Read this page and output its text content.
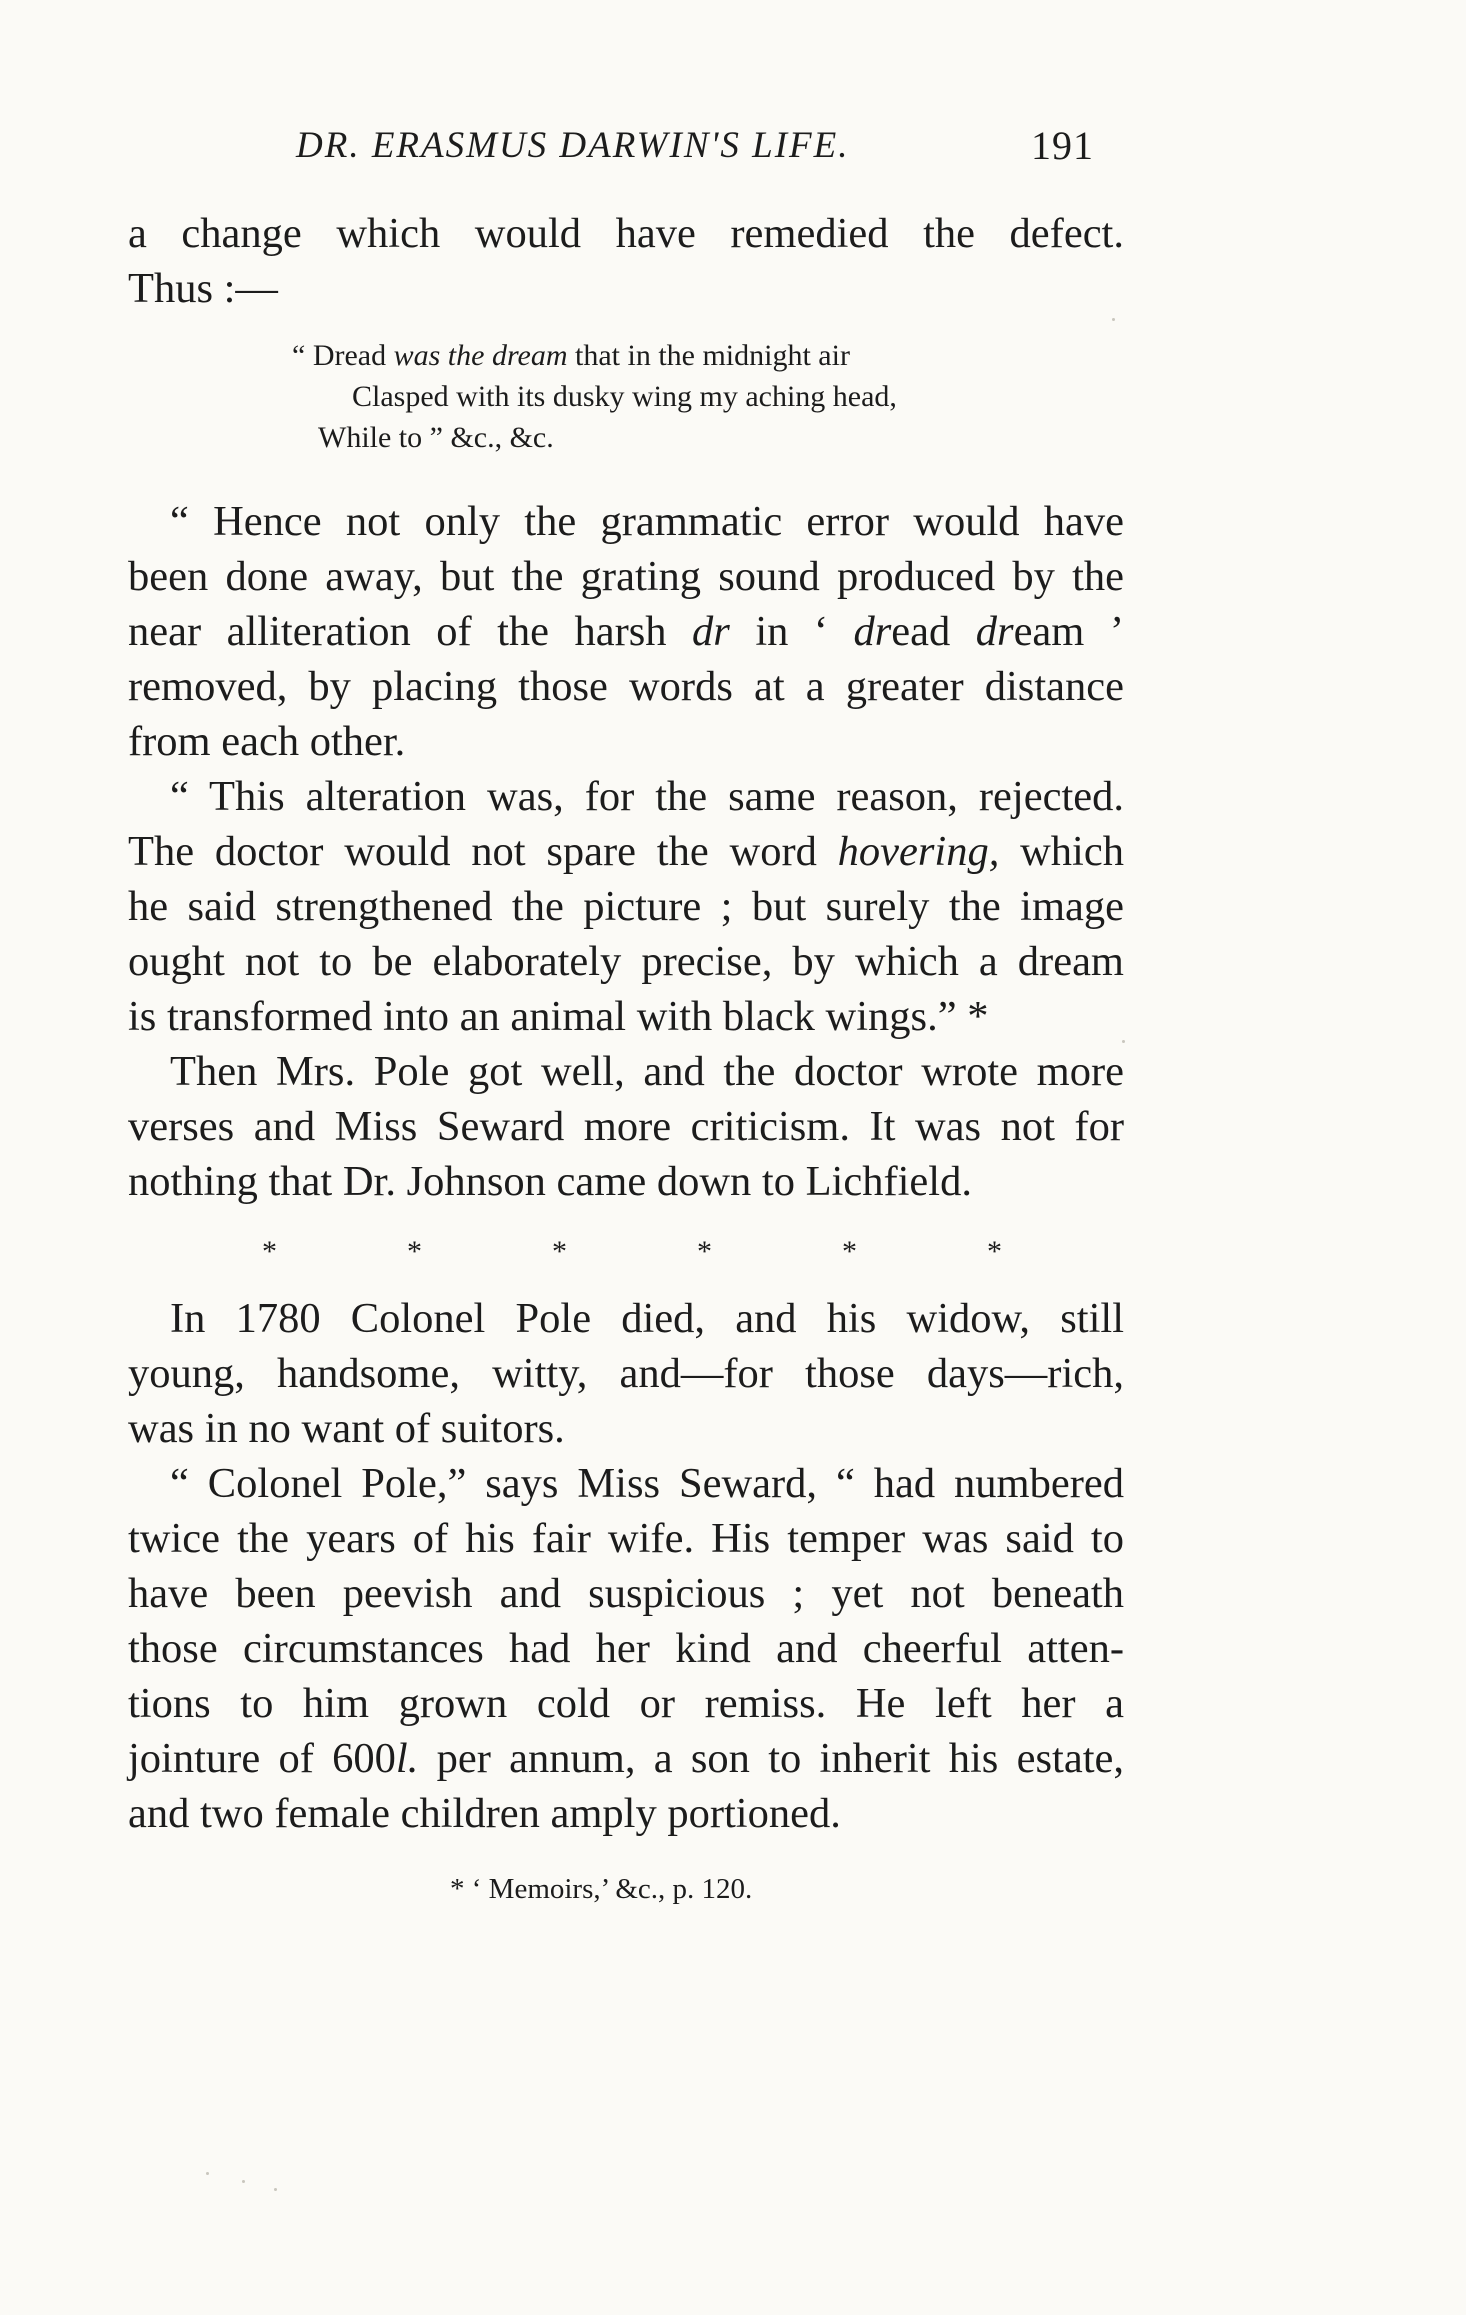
DR. ERASMUS DARWIN'S LIFE.	191
a change which would have remedied the defect.
Thus :—
“ Dread was the dream that in the midnight air
Clasped with its dusky wing my aching head,
While to ” &c., &c.
“ Hence not only the grammatic error would have
been done away, but the grating sound produced by the
near alliteration of the harsh dr in ‘ dread dream ’
removed, by placing those words at a greater distance
from each other.
“ This alteration was, for the same reason, rejected.
The doctor would not spare the word hovering, which
he said strengthened the picture ; but surely the image
ought not to be elaborately precise, by which a dream
is transformed into an animal with black wings.” *
Then Mrs. Pole got well, and the doctor wrote more
verses and Miss Seward more criticism. It was not for
nothing that Dr. Johnson came down to Lichfield.
*	*	*	*	*	*
In 1780 Colonel Pole died, and his widow, still
young, handsome, witty, and—for those days—rich,
was in no want of suitors.
“ Colonel Pole,” says Miss Seward, “ had numbered
twice the years of his fair wife. His temper was said to
have been peevish and suspicious ; yet not beneath
those circumstances had her kind and cheerful atten-
tions to him grown cold or remiss. He left her a
jointure of 600l. per annum, a son to inherit his estate,
and two female children amply portioned.
* ‘ Memoirs,’ &c., p. 120.
